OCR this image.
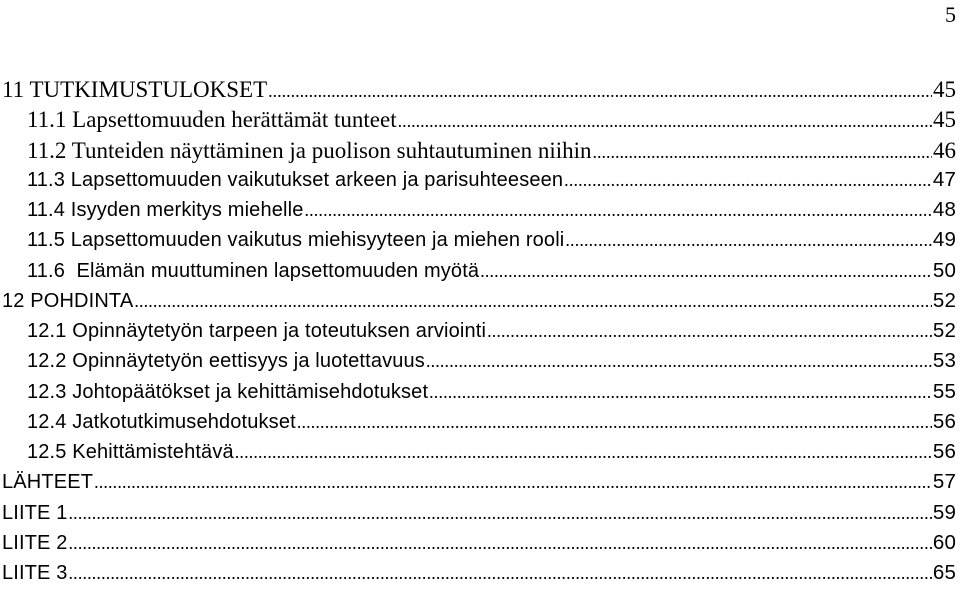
5
11 TUTKIMUSTULOKSET .....	45
11.1 Lapsettomuuden herättämät tunteet .....	45
11.2 Tunteiden näyttäminen ja puolison suhtautuminen niihin .....	46
11.3 Lapsettomuuden vaikutukset arkeen ja parisuhteeseen .....	47
11.4 Isyyden merkitys miehelle .....	48
11.5 Lapsettomuuden vaikutus miehisyyteen ja miehen rooli .....	49
11.6  Elämän muuttuminen lapsettomuuden myötä .....	50
12 POHDINTA .....	52
12.1 Opinnäytetyön tarpeen ja toteutuksen arviointi .....	52
12.2 Opinnäytetyön eettisyys ja luotettavuus .....	53
12.3 Johtopäätökset ja kehittämisehdotukset .....	55
12.4 Jatkotutkimusehdotukset .....	56
12.5 Kehittämistehtävä .....	56
LÄHTEET .....	57
LIITE 1 .....	59
LIITE 2 .....	60
LIITE 3 .....	65
